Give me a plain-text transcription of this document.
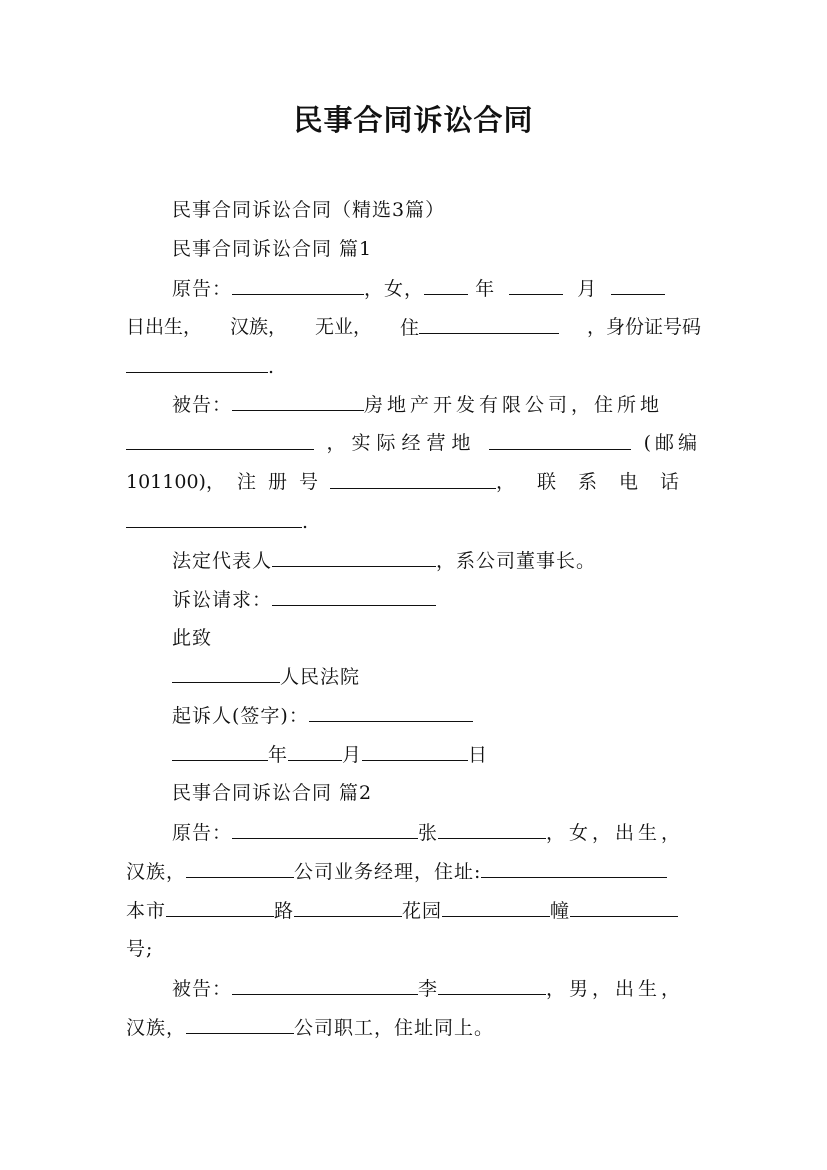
民事合同诉讼合同
民事合同诉讼合同（精选3篇）
民事合同诉讼合同 篇1
原告：	，女，	年	月
日出生， 汉族， 无业， 住	，身份证号码
.
被告：	房地产开发有限公司，住所地
，实际经营地	(邮编
101100) ，注册号	，联系电话
.
法定代表人	，系公司董事长。
诉讼请求：
此致
人民法院
起诉人(签字)：
年	月	日
民事合同诉讼合同 篇2
原告：	张	，女，出生，
汉族，	公司业务经理，住址:
本市	路	花园	幢
号;
被告：	李	，男，出生，
汉族，	公司职工，住址同上。
